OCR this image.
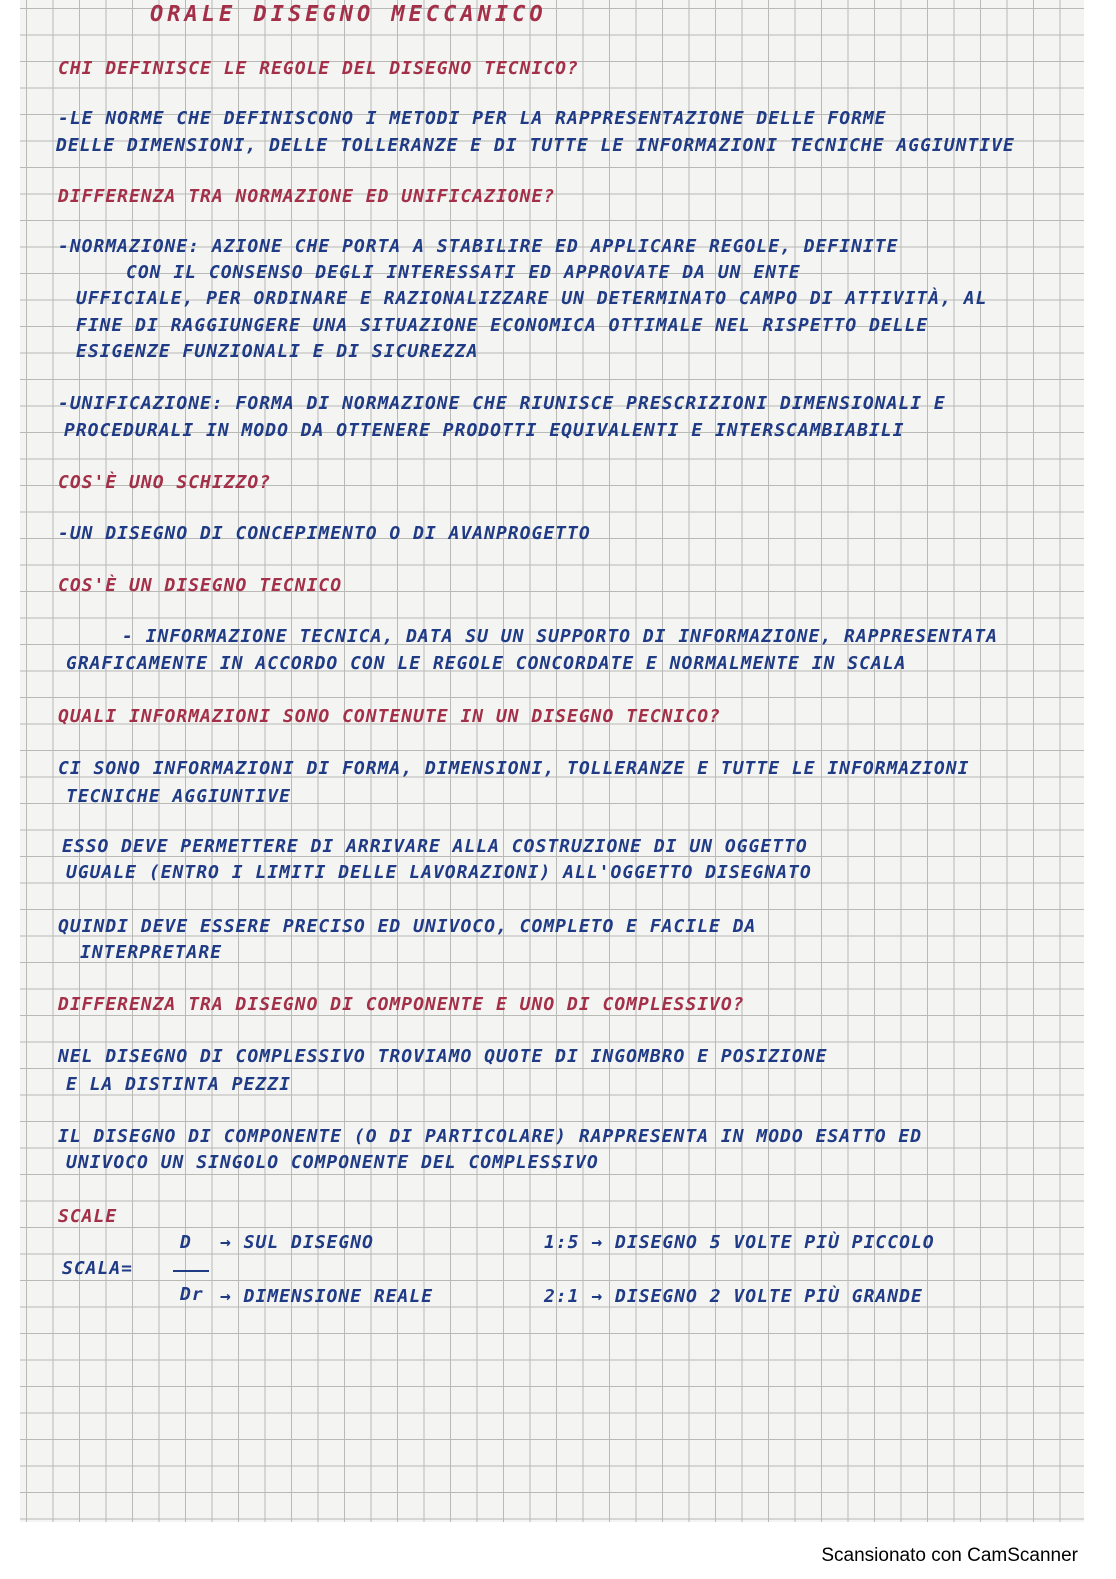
ORALE DISEGNO MECCANICO
CHI DEFINISCE LE REGOLE DEL DISEGNO TECNICO?
-LE NORME CHE DEFINISCONO I METODI PER LA RAPPRESENTAZIONE DELLE FORME
DELLE DIMENSIONI, DELLE TOLLERANZE E DI TUTTE LE INFORMAZIONI TECNICHE AGGIUNTIVE
DIFFERENZA TRA NORMAZIONE ED UNIFICAZIONE?
-NORMAZIONE: AZIONE CHE PORTA A STABILIRE ED APPLICARE REGOLE, DEFINITE
CON IL CONSENSO DEGLI INTERESSATI ED APPROVATE DA UN ENTE
UFFICIALE, PER ORDINARE E RAZIONALIZZARE UN DETERMINATO CAMPO DI ATTIVITÀ, AL
FINE DI RAGGIUNGERE UNA SITUAZIONE ECONOMICA OTTIMALE NEL RISPETTO DELLE
ESIGENZE FUNZIONALI E DI SICUREZZA
-UNIFICAZIONE: FORMA DI NORMAZIONE CHE RIUNISCE PRESCRIZIONI DIMENSIONALI E
PROCEDURALI IN MODO DA OTTENERE PRODOTTI EQUIVALENTI E INTERSCAMBIABILI
COS'È UNO SCHIZZO?
-UN DISEGNO DI CONCEPIMENTO O DI AVANPROGETTO
COS'È UN DISEGNO TECNICO
- INFORMAZIONE TECNICA, DATA SU UN SUPPORTO DI INFORMAZIONE, RAPPRESENTATA
GRAFICAMENTE IN ACCORDO CON LE REGOLE CONCORDATE E NORMALMENTE IN SCALA
QUALI INFORMAZIONI SONO CONTENUTE IN UN DISEGNO TECNICO?
CI SONO INFORMAZIONI DI FORMA, DIMENSIONI, TOLLERANZE E TUTTE LE INFORMAZIONI
TECNICHE AGGIUNTIVE
ESSO DEVE PERMETTERE DI ARRIVARE ALLA COSTRUZIONE DI UN OGGETTO
UGUALE (ENTRO I LIMITI DELLE LAVORAZIONI) ALL'OGGETTO DISEGNATO
QUINDI DEVE ESSERE PRECISO ED UNIVOCO, COMPLETO E FACILE DA
INTERPRETARE
DIFFERENZA TRA DISEGNO DI COMPONENTE E UNO DI COMPLESSIVO?
NEL DISEGNO DI COMPLESSIVO TROVIAMO QUOTE DI INGOMBRO E POSIZIONE
E LA DISTINTA PEZZI
IL DISEGNO DI COMPONENTE (O DI PARTICOLARE) RAPPRESENTA IN MODO ESATTO ED
UNIVOCO UN SINGOLO COMPONENTE DEL COMPLESSIVO
SCALE
SCALA=
D
Dr
→ SUL DISEGNO
→ DIMENSIONE REALE
1:5 → DISEGNO 5 VOLTE PIÙ PICCOLO
2:1 → DISEGNO 2 VOLTE PIÙ GRANDE
Scansionato con CamScanner
